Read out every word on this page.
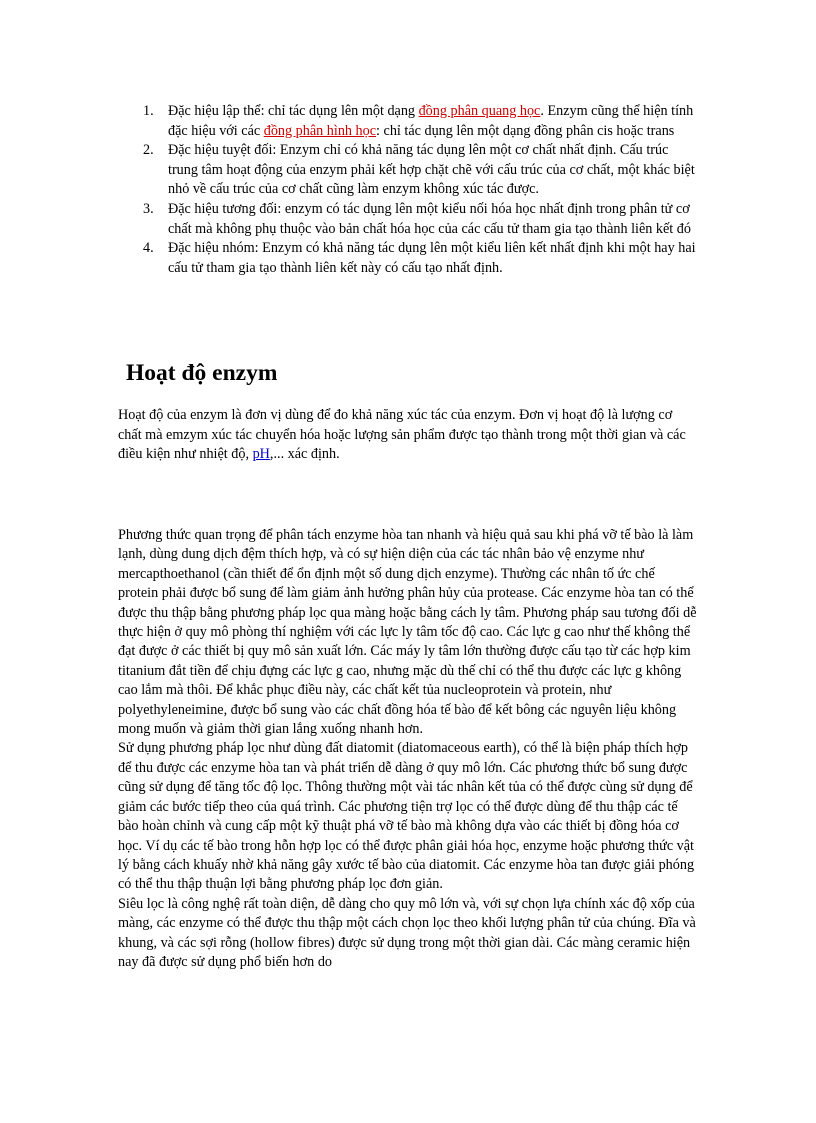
1. Đặc hiệu lập thể: chỉ tác dụng lên một dạng đồng phân quang học. Enzym cũng thể hiện tính đặc hiệu với các đồng phân hình học: chỉ tác dụng lên một dạng đồng phân cis hoặc trans
2. Đặc hiệu tuyệt đối: Enzym chỉ có khả năng tác dụng lên một cơ chất nhất định. Cấu trúc trung tâm hoạt động của enzym phải kết hợp chặt chẽ với cấu trúc của cơ chất, một khác biệt nhỏ về cấu trúc của cơ chất cũng làm enzym không xúc tác được.
3. Đặc hiệu tương đối: enzym có tác dụng lên một kiểu nối hóa học nhất định trong phân tử cơ chất mà không phụ thuộc vào bản chất hóa học của các cấu tử tham gia tạo thành liên kết đó
4. Đặc hiệu nhóm: Enzym có khả năng tác dụng lên một kiểu liên kết nhất định khi một hay hai cấu tử tham gia tạo thành liên kết này có cấu tạo nhất định.
Hoạt độ enzym

Hoạt độ của enzym là đơn vị dùng để đo khả năng xúc tác của enzym. Đơn vị hoạt độ là lượng cơ chất mà emzym xúc tác chuyển hóa hoặc lượng sản phẩm được tạo thành trong một thời gian và các điều kiện như nhiệt độ, pH,... xác định.

Phương thức quan trọng để phân tách enzyme hòa tan nhanh và hiệu quả sau khi phá vỡ tế bào là làm lạnh, dùng dung dịch đệm thích hợp, và có sự hiện diện của các tác nhân bảo vệ enzyme như mercapthoethanol (cần thiết để ổn định một số dung dịch enzyme). Thường các nhân tố ức chế protein phải được bổ sung để làm giảm ảnh hưởng phân hủy của protease. Các enzyme hòa tan có thể được thu thập bằng phương pháp lọc qua màng hoặc bằng cách ly tâm. Phương pháp sau tương đối dễ thực hiện ở quy mô phòng thí nghiệm với các lực ly tâm tốc độ cao. Các lực g cao như thế không thể đạt được ở các thiết bị quy mô sản xuất lớn. Các máy ly tâm lớn thường được cấu tạo từ các hợp kim titanium đắt tiền để chịu đựng các lực g cao, nhưng mặc dù thế chỉ có thể thu được các lực g không cao lắm mà thôi. Để khắc phục điều này, các chất kết tủa nucleoprotein và protein, như polyethyleneimine, được bổ sung vào các chất đồng hóa tế bào để kết bông các nguyên liệu không mong muốn và giảm thời gian lắng xuống nhanh hơn.
Sử dụng phương pháp lọc như dùng đất diatomit (diatomaceous earth), có thể là biện pháp thích hợp để thu được các enzyme hòa tan và phát triển dễ dàng ở quy mô lớn. Các phương thức bổ sung được cũng sử dụng để tăng tốc độ lọc. Thông thường một vài tác nhân kết tủa có thể được cùng sử dụng để giảm các bước tiếp theo của quá trình. Các phương tiện trợ lọc có thể được dùng để thu thập các tế bào hoàn chỉnh và cung cấp một kỹ thuật phá vỡ tế bào mà không dựa vào các thiết bị đồng hóa cơ học. Ví dụ các tế bào trong hỗn hợp lọc có thể được phân giải hóa học, enzyme hoặc phương thức vật lý bằng cách khuấy nhờ khả năng gây xước tế bào của diatomit. Các enzyme hòa tan được giải phóng có thể thu thập thuận lợi bằng phương pháp lọc đơn giản.
Siêu lọc là công nghệ rất toàn diện, dễ dàng cho quy mô lớn và, với sự chọn lựa chính xác độ xốp của màng, các enzyme có thể được thu thập một cách chọn lọc theo khối lượng phân tử của chúng. Đĩa và khung, và các sợi rỗng (hollow fibres) được sử dụng trong một thời gian dài. Các màng ceramic hiện nay đã được sử dụng phổ biến hơn do
